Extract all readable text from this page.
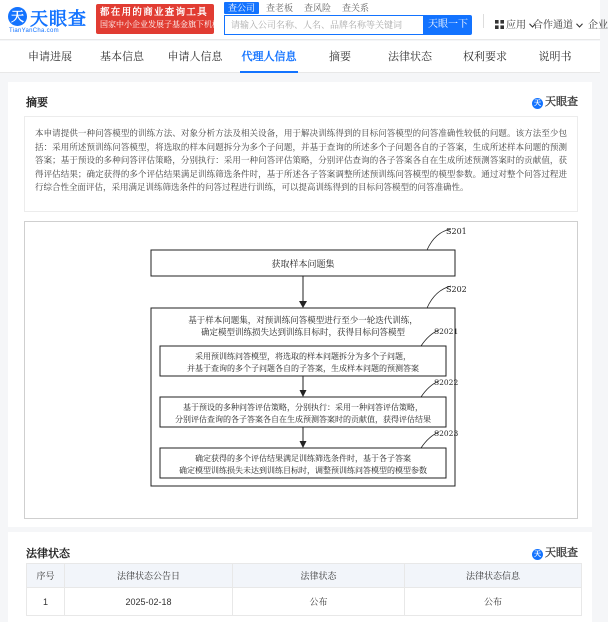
天 天眼查
TianYanCha.com
都在用的商业查询工具
国家中小企业发展子基金旗下机构
查公司 查老板 查风险 查关系
请输入公司名称、人名、品牌名称等关键词
天眼一下	应用 合作通道	企业
申请进展	基本信息	申请人信息	代理人信息	摘要	法律状态	权利要求	说明书
摘要	天 天眼查
本申请提供一种问答模型的训练方法、对象分析方法及相关设备，用于解决训练得到的目标问答模型的问答准确性较低的问题。该方法至少包括：采用所述预训练问答模型，将选取的样本问题拆分为多个子问题，并基于查询的所述多个子问题各自的子答案，生成所述样本问题的预测答案；基于预设的多种问答评估策略，分别执行：采用一种问答评估策略，分别评估查询的各子答案各自在生成所述预测答案时的贡献值，获得评估结果；确定获得的多个评估结果满足训练筛选条件时，基于所述各子答案调整所述预训练问答模型的模型参数。通过对整个问答过程进行综合性全面评估，采用满足训练筛选条件的问答过程进行训练，可以提高训练得到的目标问答模型的问答准确性。
获取样本问题集
S201
基于样本问题集，对预训练问答模型进行至少一轮迭代训练，
确定模型训练损失达到训练目标时，获得目标问答模型
S202
采用预训练问答模型，将选取的样本问题拆分为多个子问题，
并基于查询的多个子问题各自的子答案，生成样本问题的预测答案
S2021
基于预设的多种问答评估策略，分别执行：采用一种问答评估策略，
分别评估查询的各子答案各自在生成预测答案时的贡献值，获得评估结果
S2022
确定获得的多个评估结果满足训练筛选条件时，基于各子答案
确定模型训练损失未达到训练目标时，调整预训练问答模型的模型参数
S2023
法律状态	天 天眼查
序号	法律状态公告日	法律状态	法律状态信息
1	2025-02-18	公布	公布
